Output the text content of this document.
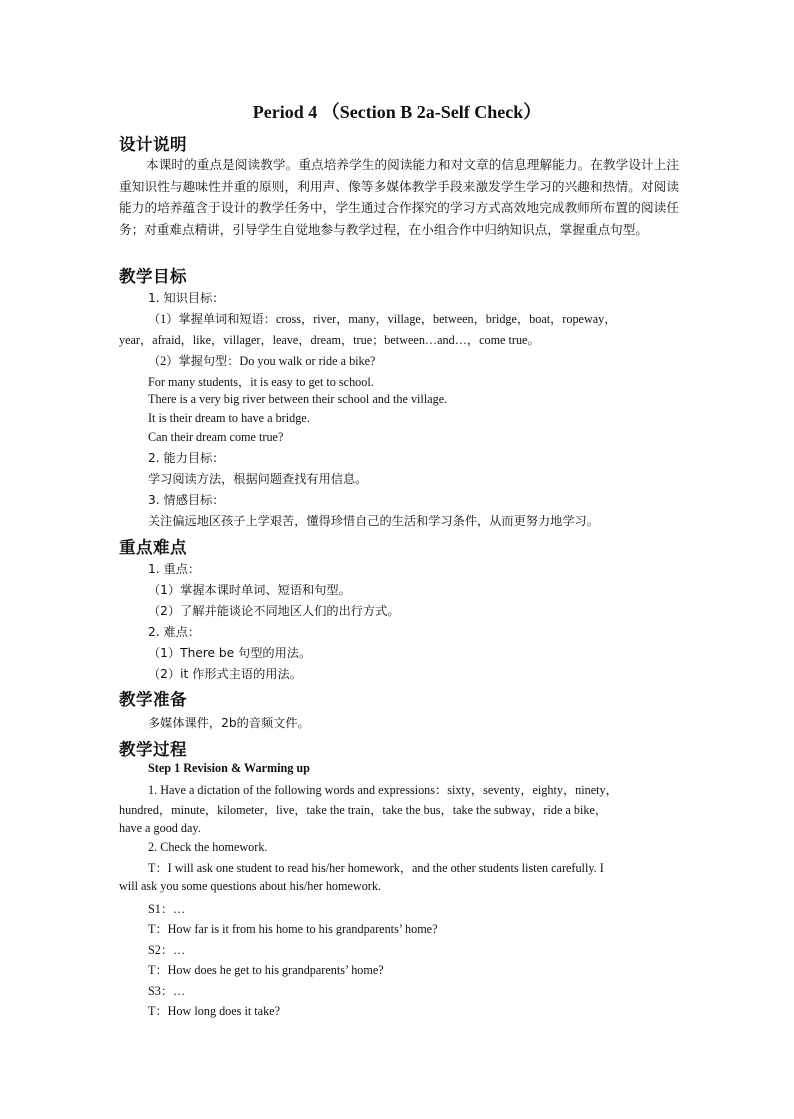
Period 4 （Section B 2a-Self Check）
设计说明

本课时的重点是阅读教学。重点培养学生的阅读能力和对文章的信息理解能力。在教学设计上注重知识性与趣味性并重的原则，利用声、像等多媒体教学手段来激发学生学习的兴趣和热情。对阅读能力的培养蕴含于设计的教学任务中，学生通过合作探究的学习方式高效地完成教师所布置的阅读任务；对重难点精讲，引导学生自觉地参与教学过程，在小组合作中归纳知识点，掌握重点句型。

教学目标
1. 知识目标：
（1）掌握单词和短语：cross，river，many，village，between，bridge，boat，ropeway，
year，afraid，like，villager，leave，dream，true；between…and…，come true。
（2）掌握句型：Do you walk or ride a bike?
For many students，it is easy to get to school.
There is a very big river between their school and the village.
It is their dream to have a bridge.
Can their dream come true?
2. 能力目标：
学习阅读方法，根据问题查找有用信息。
3. 情感目标：
关注偏远地区孩子上学艰苦，懂得珍惜自己的生活和学习条件，从而更努力地学习。
重点难点
1. 重点：
（1）掌握本课时单词、短语和句型。
（2）了解并能谈论不同地区人们的出行方式。
2. 难点：
（1）There be 句型的用法。
（2）it 作形式主语的用法。
教学准备
多媒体课件，2b的音频文件。
教学过程
Step 1 Revision & Warming up
1. Have a dictation of the following words and expressions：sixty，seventy，eighty，ninety，
hundred，minute，kilometer，live，take the train，take the bus，take the subway，ride a bike，
have a good day.
2. Check the homework.
T：I will ask one student to read his/her homework，and the other students listen carefully. I
will ask you some questions about his/her homework.
S1：…
T：How far is it from his home to his grandparents’ home?
S2：…
T：How does he get to his grandparents’ home?
S3：…
T：How long does it take?
